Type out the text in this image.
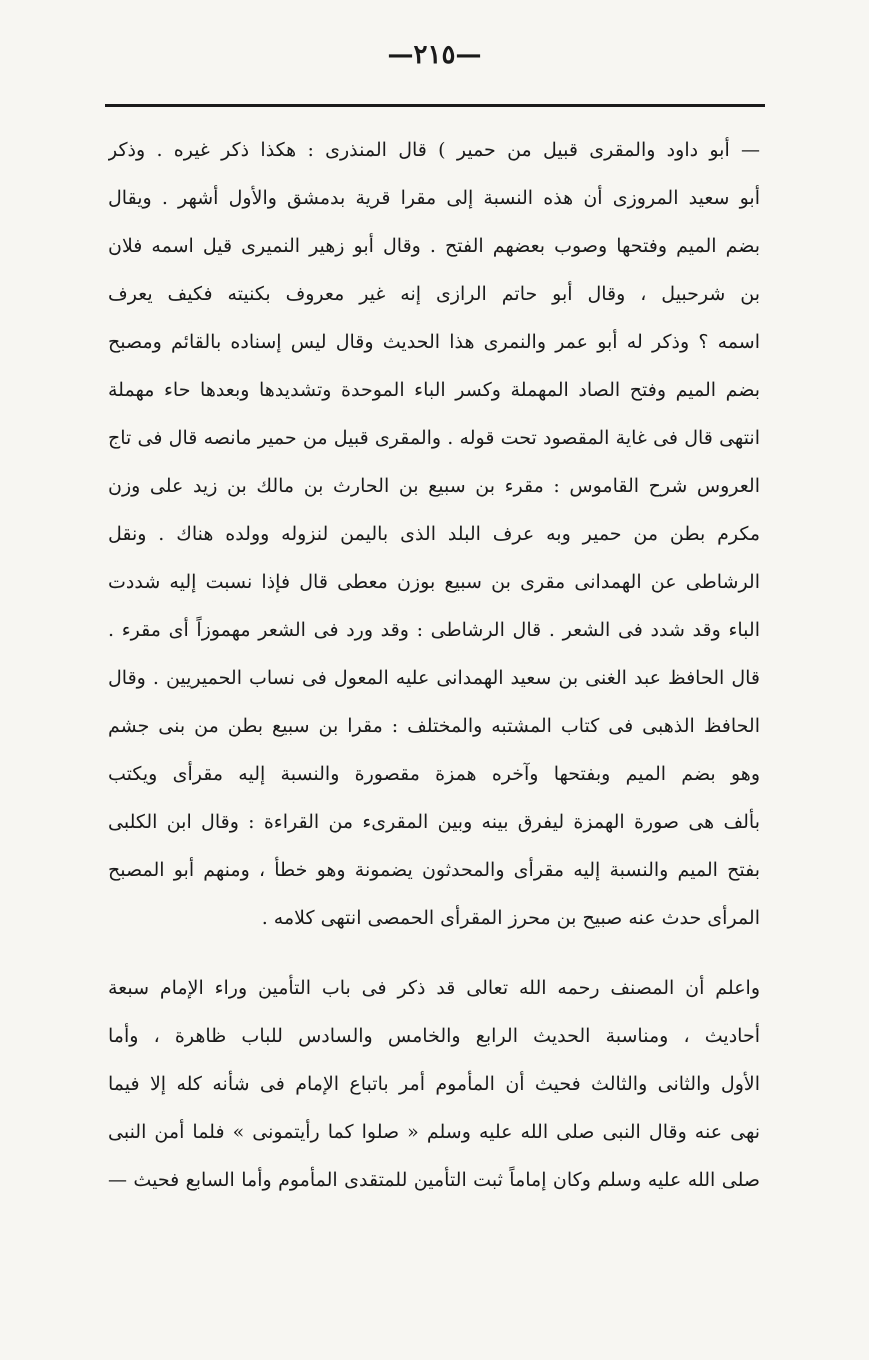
—٢١٥—
— أبو داود والمقرى قبيل من حمير ) قال المنذرى : هكذا ذكر غيره . وذكر
أبو سعيد المروزى أن هذه النسبة إلى مقرا قرية بدمشق والأول أشهر . ويقال
بضم الميم وفتحها وصوب بعضهم الفتح . وقال أبو زهير النميرى قيل اسمه فلان
بن شرحبيل ، وقال أبو حاتم الرازى إنه غير معروف بكنيته فكيف يعرف
اسمه ؟ وذكر له أبو عمر والنمرى هذا الحديث وقال ليس إسناده بالقائم ومصبح
بضم الميم وفتح الصاد المهملة وكسر الباء الموحدة وتشديدها وبعدها حاء مهملة
انتهى قال فى غاية المقصود تحت قوله . والمقرى قبيل من حمير مانصه قال فى تاج
العروس شرح القاموس : مقرء بن سبيع بن الحارث بن مالك بن زيد على وزن
مكرم بطن من حمير وبه عرف البلد الذى باليمن لنزوله وولده هناك . ونقل
الرشاطى عن الهمدانى مقرى بن سبيع بوزن معطى قال فإذا نسبت إليه شددت
الباء وقد شدد فى الشعر . قال الرشاطى : وقد ورد فى الشعر مهموزاً أى مقرء .
قال الحافظ عبد الغنى بن سعيد الهمدانى عليه المعول فى نساب الحميريين . وقال
الحافظ الذهبى فى كتاب المشتبه والمختلف : مقرا بن سبيع بطن من بنى جشم
وهو بضم الميم وبفتحها وآخره همزة مقصورة والنسبة إليه مقرأى ويكتب
بألف هى صورة الهمزة ليفرق بينه وبين المقرىء من القراءة : وقال ابن الكلبى
بفتح الميم والنسبة إليه مقرأى والمحدثون يضمونة وهو خطأ ، ومنهم أبو المصبح
المرأى حدث عنه صبيح بن محرز المقرأى الحمصى انتهى كلامه .
واعلم أن المصنف رحمه الله تعالى قد ذكر فى باب التأمين وراء الإمام سبعة
أحاديث ، ومناسبة الحديث الرابع والخامس والسادس للباب ظاهرة ، وأما
الأول والثانى والثالث فحيث أن المأموم أمر باتباع الإمام فى شأنه كله إلا فيما
نهى عنه وقال النبى صلى الله عليه وسلم « صلوا كما رأيتمونى » فلما أمن النبى
صلى الله عليه وسلم وكان إماماً ثبت التأمين للمتقدى المأموم وأما السابع فحيث —
